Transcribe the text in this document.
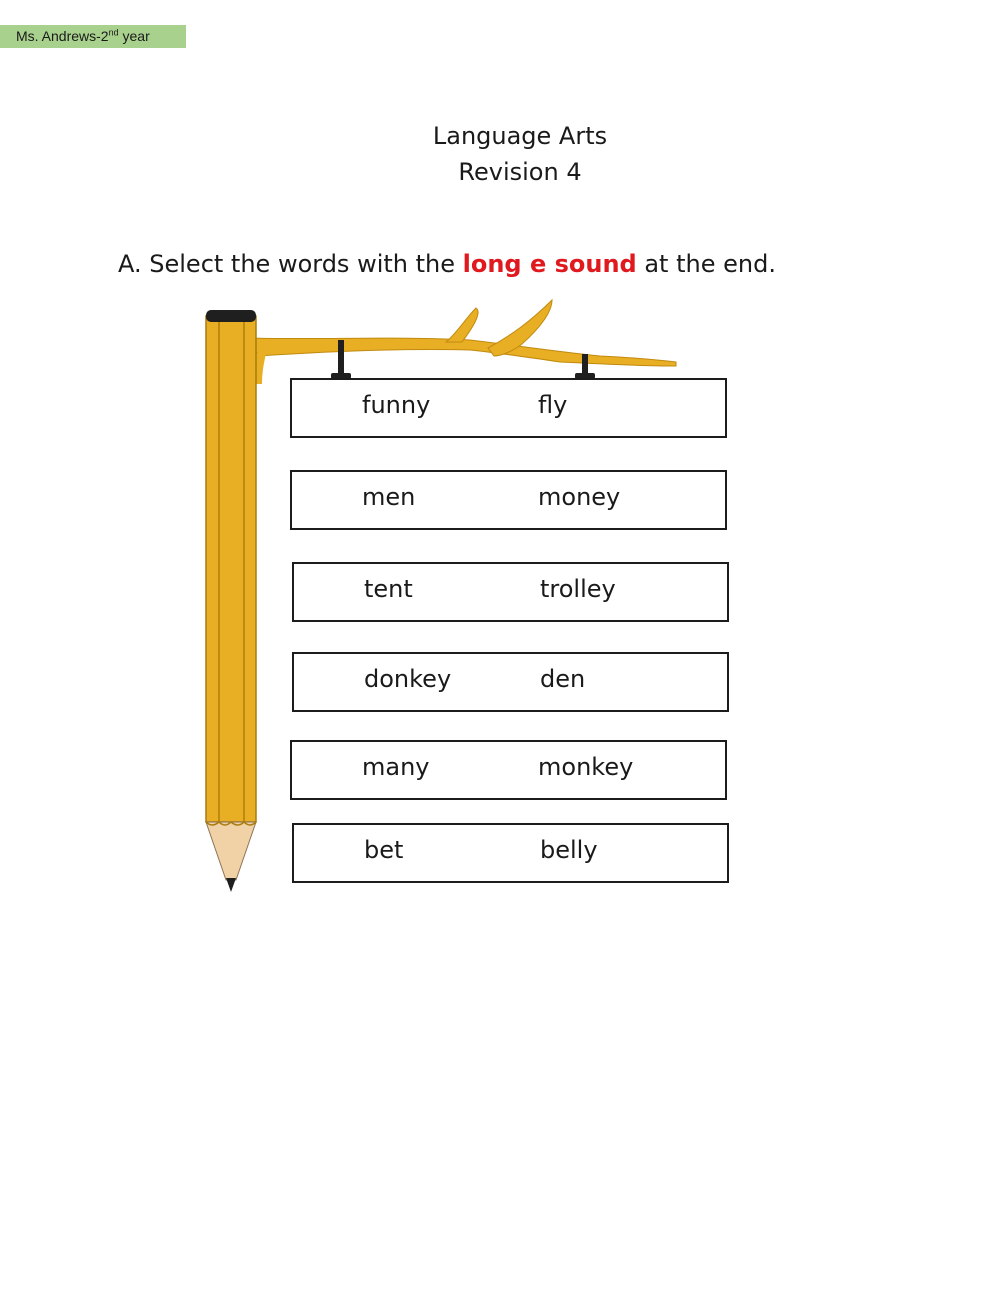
Ms. Andrews-2nd year
Language Arts
Revision 4
A. Select the words with the long e sound at the end.
funny	fly
men	money
tent	trolley
donkey	den
many	monkey
bet	belly
